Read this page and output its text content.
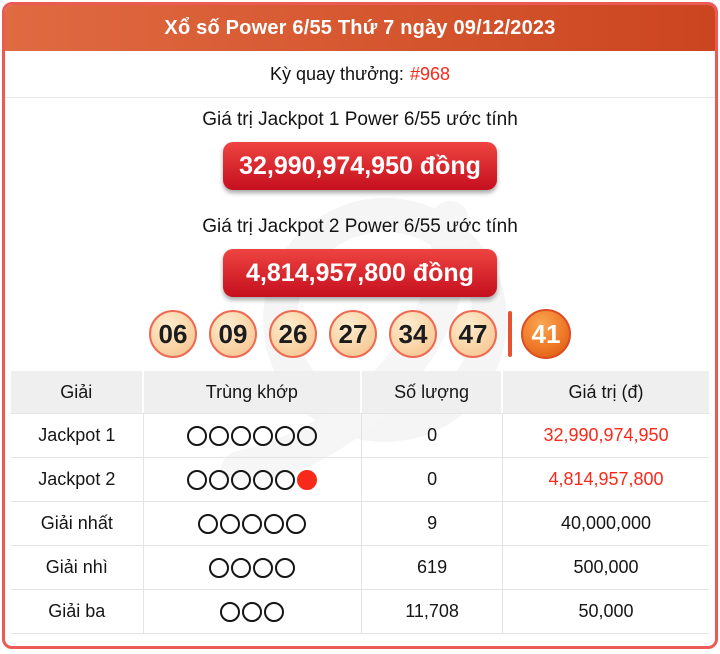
Xổ số Power 6/55 Thứ 7 ngày 09/12/2023
Kỳ quay thưởng: #968
Giá trị Jackpot 1 Power 6/55 ước tính
32,990,974,950 đồng
Giá trị Jackpot 2 Power 6/55 ước tính
4,814,957,800 đồng
06	09	26	27	34	47	41
Giải	Trùng khớp	Số lượng	Giá trị (đ)
Jackpot 1	0	32,990,974,950
Jackpot 2	0	4,814,957,800
Giải nhất	9	40,000,000
Giải nhì	619	500,000
Giải ba	11,708	50,000
